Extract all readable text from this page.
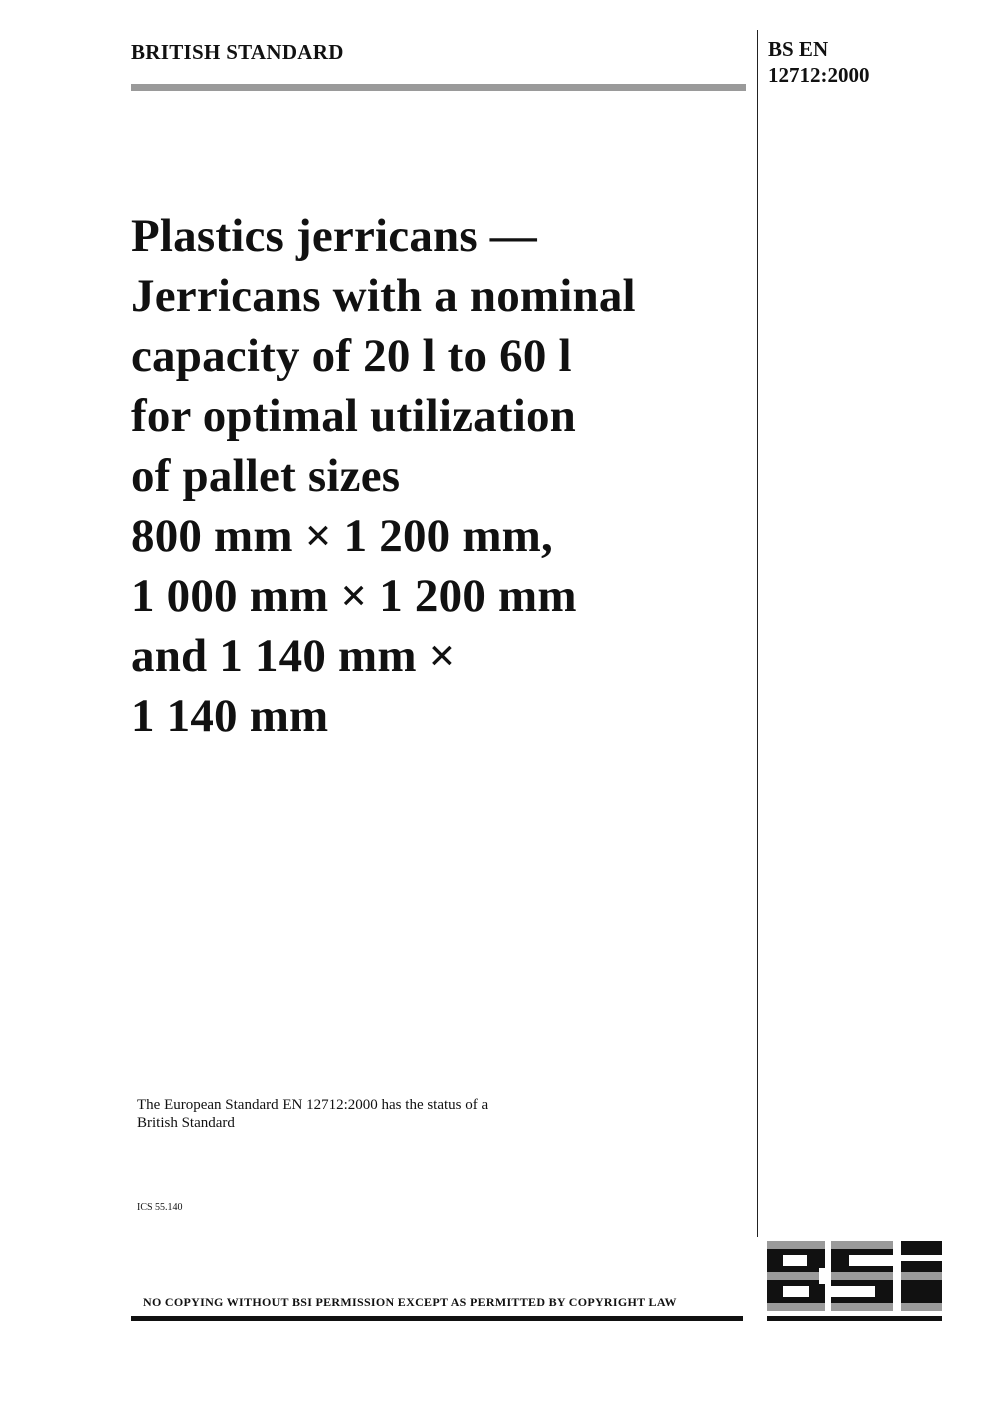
BRITISH STANDARD	BS EN
12712:2000
Plastics jerricans —
Jerricans with a nominal
capacity of 20 l to 60 l
for optimal utilization
of pallet sizes
800 mm × 1 200 mm,
1 000 mm × 1 200 mm
and 1 140 mm ×
1 140 mm
The European Standard EN 12712:2000 has the status of a
British Standard
ICS 55.140
NO COPYING WITHOUT BSI PERMISSION EXCEPT AS PERMITTED BY COPYRIGHT LAW
